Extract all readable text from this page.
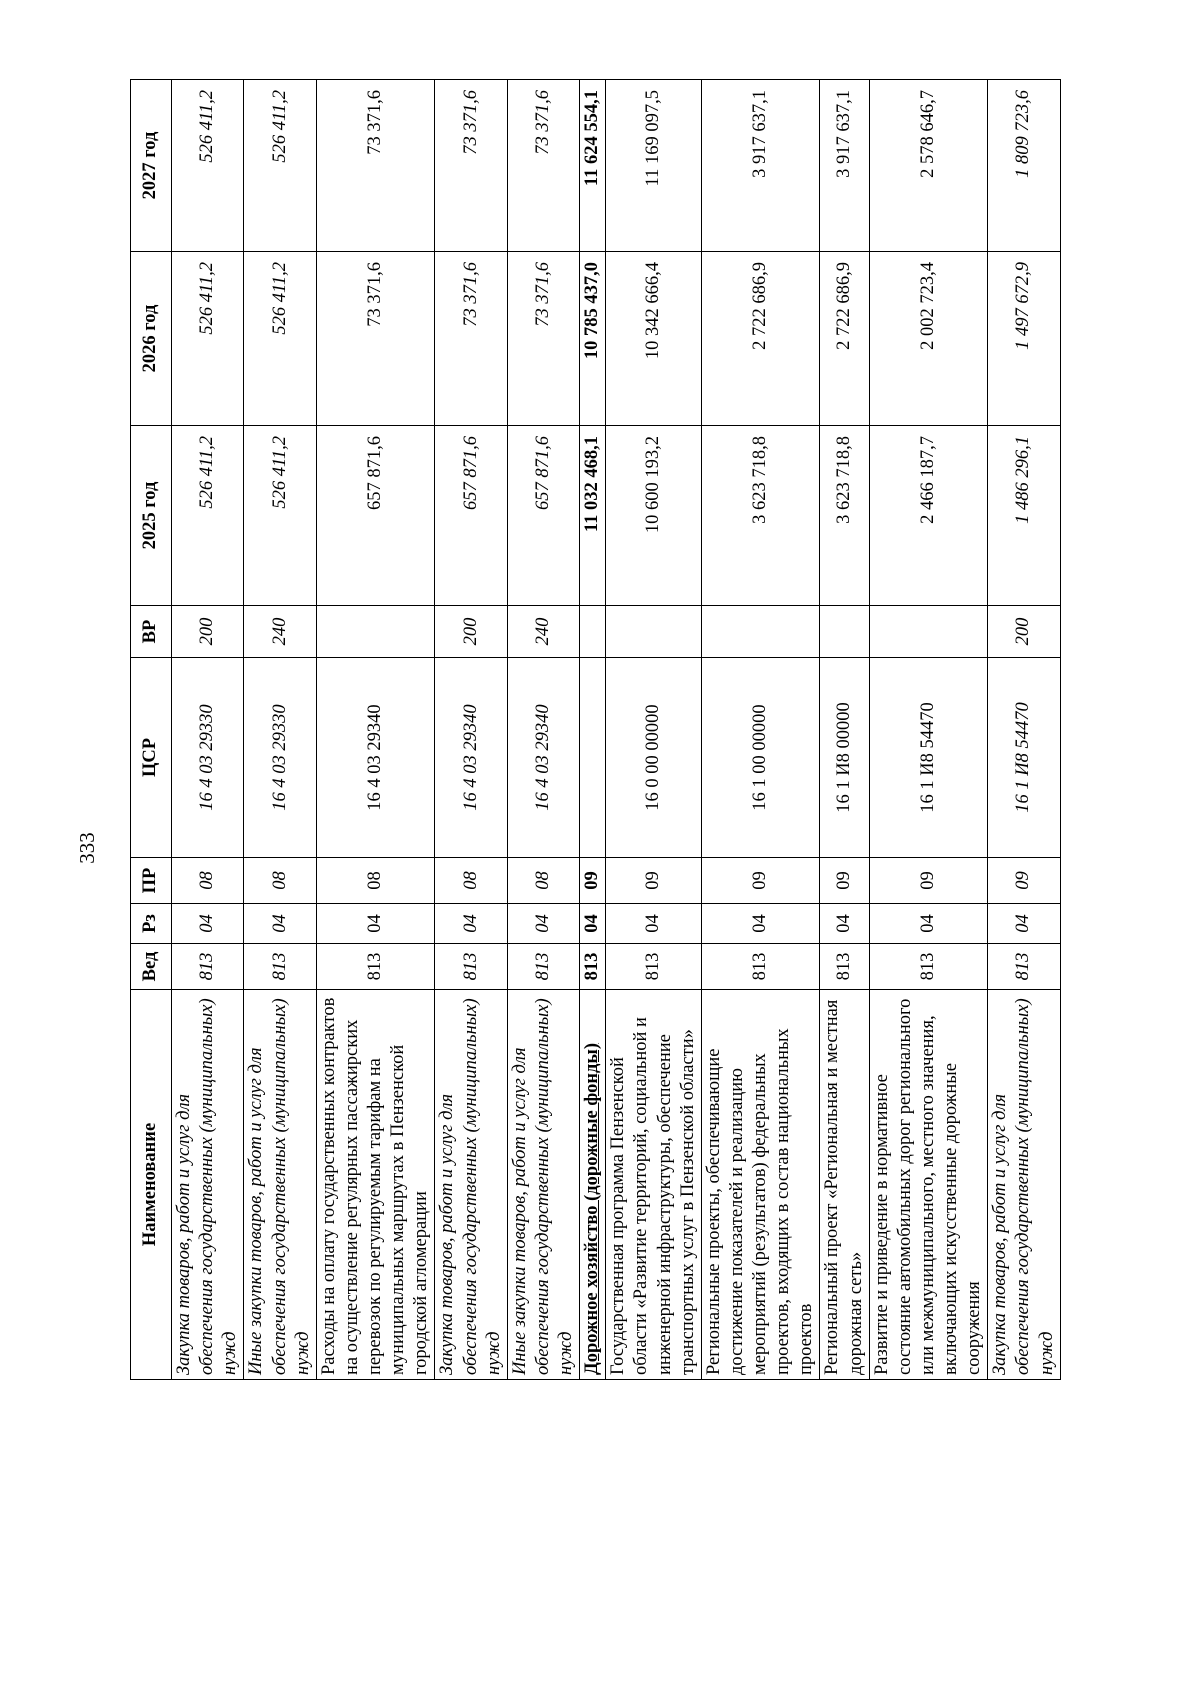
333
Наименование	Вед	Рз	ПР	ЦСР	ВР	2025 год	2026 год	2027 год
Закупка товаров, работ и услуг для обеспечения государственных (муниципальных) нужд	813	04	08	16 4 03 29330	200	526 411,2	526 411,2	526 411,2
Иные закупки товаров, работ и услуг для обеспечения государственных (муниципальных) нужд	813	04	08	16 4 03 29330	240	526 411,2	526 411,2	526 411,2
Расходы на оплату государственных контрактов на осуществление регулярных пассажирских перевозок по регулируемым тарифам на муниципальных маршрутах в Пензенской городской агломерации	813	04	08	16 4 03 29340		657 871,6	73 371,6	73 371,6
Закупка товаров, работ и услуг для обеспечения государственных (муниципальных) нужд	813	04	08	16 4 03 29340	200	657 871,6	73 371,6	73 371,6
Иные закупки товаров, работ и услуг для обеспечения государственных (муниципальных) нужд	813	04	08	16 4 03 29340	240	657 871,6	73 371,6	73 371,6
Дорожное хозяйство (дорожные фонды)	813	04	09			11 032 468,1	10 785 437,0	11 624 554,1
Государственная программа Пензенской области «Развитие территорий, социальной и инженерной инфраструктуры, обеспечение транспортных услуг в Пензенской области»	813	04	09	16 0 00 00000		10 600 193,2	10 342 666,4	11 169 097,5
Региональные проекты, обеспечивающие достижение показателей и реализацию мероприятий (результатов) федеральных проектов, входящих в состав национальных проектов	813	04	09	16 1 00 00000		3 623 718,8	2 722 686,9	3 917 637,1
Региональный проект «Региональная и местная дорожная сеть»	813	04	09	16 1 И8 00000		3 623 718,8	2 722 686,9	3 917 637,1
Развитие и приведение в нормативное состояние автомобильных дорог регионального или межмуниципального, местного значения, включающих искусственные дорожные сооружения	813	04	09	16 1 И8 54470		2 466 187,7	2 002 723,4	2 578 646,7
Закупка товаров, работ и услуг для обеспечения государственных (муниципальных) нужд	813	04	09	16 1 И8 54470	200	1 486 296,1	1 497 672,9	1 809 723,6
